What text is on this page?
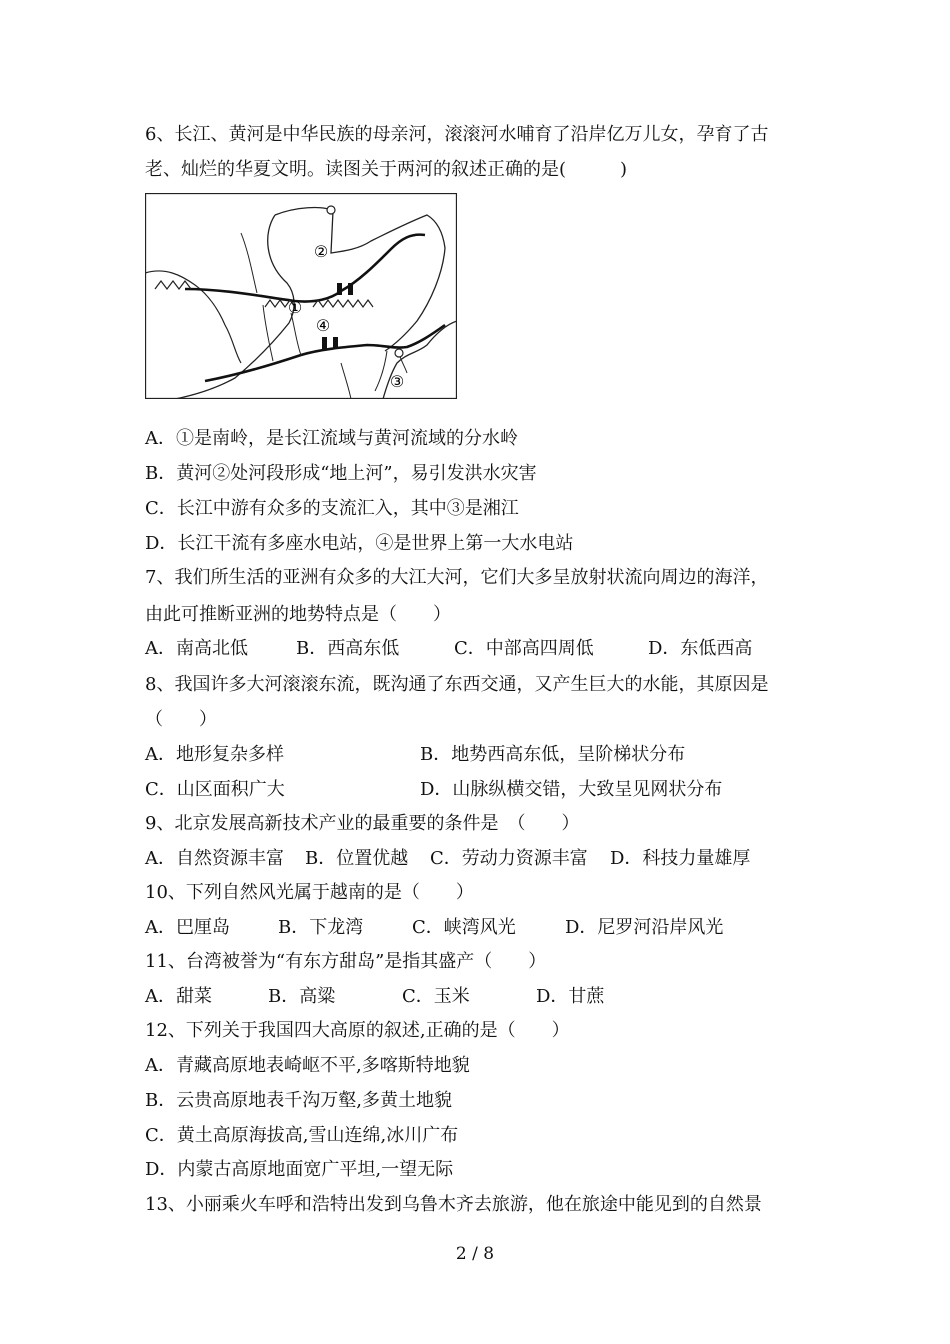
6、长江、黄河是中华民族的母亲河，滚滚河水哺育了沿岸亿万儿女，孕育了古
老、灿烂的华夏文明。读图关于两河的叙述正确的是(　　　)
②
①
④
③
A．①是南岭，是长江流域与黄河流域的分水岭
B．黄河②处河段形成“地上河”，易引发洪水灾害
C．长江中游有众多的支流汇入，其中③是湘江
D．长江干流有多座水电站，④是世界上第一大水电站
7、我们所生活的亚洲有众多的大江大河，它们大多呈放射状流向周边的海洋，
由此可推断亚洲的地势特点是（　　）
A．南高北低	B．西高东低	C．中部高四周低	D．东低西高
8、我国许多大河滚滚东流，既沟通了东西交通，又产生巨大的水能，其原因是
（　　）
A．地形复杂多样	B．地势西高东低，呈阶梯状分布
C．山区面积广大	D．山脉纵横交错，大致呈见网状分布
9、北京发展高新技术产业的最重要的条件是　（　　）
A．自然资源丰富 B．位置优越 C．劳动力资源丰富 D．科技力量雄厚
10、下列自然风光属于越南的是（　　）
A．巴厘岛	B．下龙湾	C．峡湾风光	D．尼罗河沿岸风光
11、台湾被誉为“有东方甜岛”是指其盛产（　　）
A．甜菜	B．高粱	C．玉米	D．甘蔗
12、下列关于我国四大高原的叙述,正确的是（　　）
A．青藏高原地表崎岖不平,多喀斯特地貌
B．云贵高原地表千沟万壑,多黄土地貌
C．黄土高原海拔高,雪山连绵,冰川广布
D．内蒙古高原地面宽广平坦,一望无际
13、小丽乘火车呼和浩特出发到乌鲁木齐去旅游，他在旅途中能见到的自然景
2 / 8
